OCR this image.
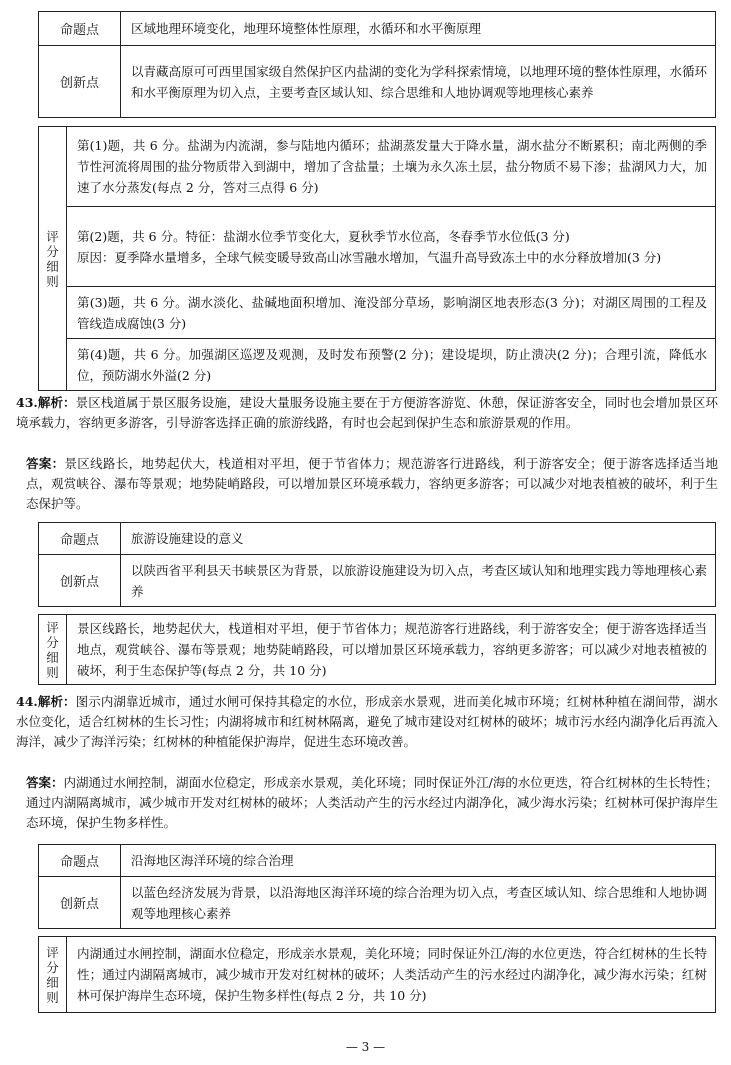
命题点	区域地理环境变化，地理环境整体性原理，水循环和水平衡原理
创新点	以青藏高原可可西里国家级自然保护区内盐湖的变化为学科探索情境，以地理环境的整体性原理，水循环和水平衡原理为切入点，主要考查区域认知、综合思维和人地协调观等地理核心素养
评分细则
	第(1)题，共 6 分。盐湖为内流湖，参与陆地内循环；盐湖蒸发量大于降水量，湖水盐分不断累积；南北两侧的季节性河流将周围的盐分物质带入到湖中，增加了含盐量；土壤为永久冻土层，盐分物质不易下渗；盐湖风力大，加速了水分蒸发(每点 2 分，答对三点得 6 分)
第(2)题，共 6 分。特征：盐湖水位季节变化大，夏秋季节水位高，冬春季节水位低(3 分)
原因：夏季降水量增多，全球气候变暖导致高山冰雪融水增加，气温升高导致冻土中的水分释放增加(3 分)
第(3)题，共 6 分。湖水淡化、盐碱地面积增加、淹没部分草场，影响湖区地表形态(3 分)；对湖区周围的工程及管线造成腐蚀(3 分)
第(4)题，共 6 分。加强湖区巡逻及观测，及时发布预警(2 分)；建设堤坝，防止溃决(2 分)；合理引流，降低水位，预防湖水外溢(2 分)
43.解析：景区栈道属于景区服务设施，建设大量服务设施主要在于方便游客游览、休憩，保证游客安全，同时也会增加景区环境承载力，容纳更多游客，引导游客选择正确的旅游线路，有时也会起到保护生态和旅游景观的作用。
答案：景区线路长，地势起伏大，栈道相对平坦，便于节省体力；规范游客行进路线，利于游客安全；便于游客选择适当地点，观赏峡谷、瀑布等景观；地势陡峭路段，可以增加景区环境承载力，容纳更多游客；可以减少对地表植被的破坏，利于生态保护等。
命题点	旅游设施建设的意义
创新点	以陕西省平利县天书峡景区为背景，以旅游设施建设为切入点，考查区域认知和地理实践力等地理核心素养
评分细则
	景区线路长，地势起伏大，栈道相对平坦，便于节省体力；规范游客行进路线，利于游客安全；便于游客选择适当地点，观赏峡谷、瀑布等景观；地势陡峭路段，可以增加景区环境承载力，容纳更多游客；可以减少对地表植被的破坏，利于生态保护等(每点 2 分，共 10 分)
44.解析：图示内湖靠近城市，通过水闸可保持其稳定的水位，形成亲水景观，进而美化城市环境；红树林种植在湖间带，湖水水位变化，适合红树林的生长习性；内湖将城市和红树林隔离，避免了城市建设对红树林的破坏；城市污水经内湖净化后再流入海洋，减少了海洋污染；红树林的种植能保护海岸，促进生态环境改善。
答案：内湖通过水闸控制，湖面水位稳定，形成亲水景观，美化环境；同时保证外江/海的水位更迭，符合红树林的生长特性；通过内湖隔离城市，减少城市开发对红树林的破坏；人类活动产生的污水经过内湖净化，减少海水污染；红树林可保护海岸生态环境，保护生物多样性。
命题点	沿海地区海洋环境的综合治理
创新点	以蓝色经济发展为背景，以沿海地区海洋环境的综合治理为切入点，考查区域认知、综合思维和人地协调观等地理核心素养
评分细则
	内湖通过水闸控制，湖面水位稳定，形成亲水景观，美化环境；同时保证外江/海的水位更迭，符合红树林的生长特性；通过内湖隔离城市，减少城市开发对红树林的破坏；人类活动产生的污水经过内湖净化，减少海水污染；红树林可保护海岸生态环境，保护生物多样性(每点 2 分，共 10 分)
— 3 —
